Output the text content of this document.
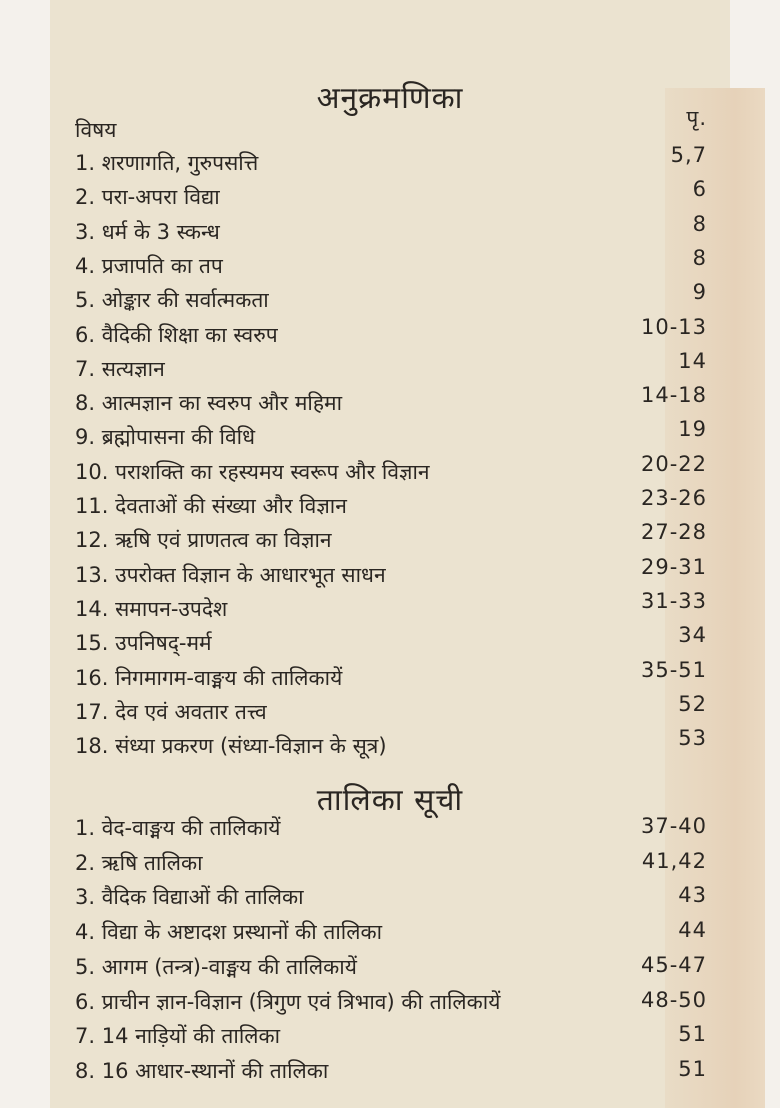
अनुक्रमणिका
विषय	पृ.
1. शरणागति, गुरुपसत्ति	5,7
2. परा-अपरा विद्या	6
3. धर्म के 3 स्कन्ध	8
4. प्रजापति का तप	8
5. ओङ्कार की सर्वात्मकता	9
6. वैदिकी शिक्षा का स्वरुप	10-13
7. सत्यज्ञान	14
8. आत्मज्ञान का स्वरुप और महिमा	14-18
9. ब्रह्मोपासना की विधि	19
10. पराशक्ति का रहस्यमय स्वरूप और विज्ञान	20-22
11. देवताओं की संख्या और विज्ञान	23-26
12. ऋषि एवं प्राणतत्व का विज्ञान	27-28
13. उपरोक्त विज्ञान के आधारभूत साधन	29-31
14. समापन-उपदेश	31-33
15. उपनिषद्-मर्म	34
16. निगमागम-वाङ्मय की तालिकायें	35-51
17. देव एवं अवतार तत्त्व	52
18. संध्या प्रकरण (संध्या-विज्ञान के सूत्र)	53
तालिका सूची
1. वेद-वाङ्मय की तालिकायें	37-40
2. ऋषि तालिका	41,42
3. वैदिक विद्याओं की तालिका	43
4. विद्या के अष्टादश प्रस्थानों की तालिका	44
5. आगम (तन्त्र)-वाङ्मय की तालिकायें	45-47
6. प्राचीन ज्ञान-विज्ञान (त्रिगुण एवं त्रिभाव) की तालिकायें	48-50
7. 14 नाड़ियों की तालिका	51
8. 16 आधार-स्थानों की तालिका	51
